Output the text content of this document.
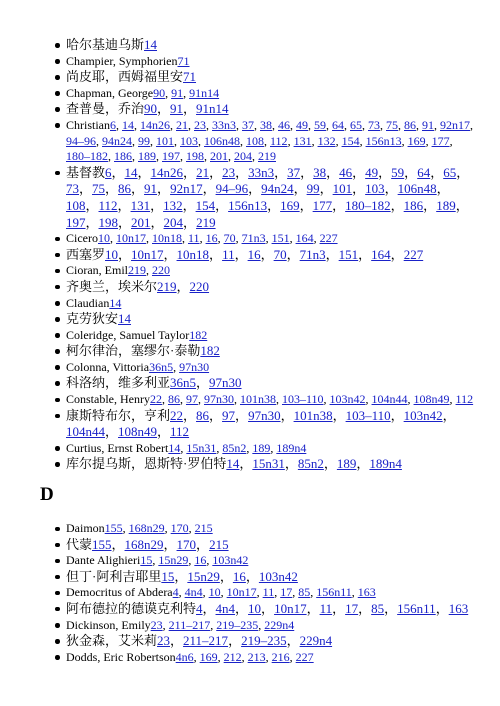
哈尔基迪乌斯14
Champier, Symphorien71
尚皮耶，西姆福里安71
Chapman, George90, 91, 91n14
查普曼，乔治90，91，91n14
Christian6, 14, 14n26, 21, 23, 33n3, 37, 38, 46, 49, 59, 64, 65, 73, 75, 86, 91, 92n17, 94–96, 94n24, 99, 101, 103, 106n48, 108, 112, 131, 132, 154, 156n13, 169, 177, 180–182, 186, 189, 197, 198, 201, 204, 219
基督教6，14，14n26，21，23，33n3，37，38，46，49，59，64，65，73，75，86，91，92n17，94–96，94n24，99，101，103，106n48，108，112，131，132，154，156n13，169，177，180–182，186，189，197，198，201，204，219
Cicero10, 10n17, 10n18, 11, 16, 70, 71n3, 151, 164, 227
西塞罗10，10n17，10n18，11，16，70，71n3，151，164，227
Cioran, Emil219, 220
齐奥兰，埃米尔219，220
Claudian14
克劳狄安14
Coleridge, Samuel Taylor182
柯尔律治，塞缪尔·泰勒182
Colonna, Vittoria36n5, 97n30
科洛纳，维多利亚36n5，97n30
Constable, Henry22, 86, 97, 97n30, 101n38, 103–110, 103n42, 104n44, 108n49, 112
康斯特布尔，亨利22，86，97，97n30，101n38，103–110，103n42，104n44，108n49，112
Curtius, Ernst Robert14, 15n31, 85n2, 189, 189n4
库尔提乌斯，恩斯特·罗伯特14，15n31，85n2，189，189n4
D
Daimon155, 168n29, 170, 215
代蒙155，168n29，170，215
Dante Alighieri15, 15n29, 16, 103n42
但丁·阿利吉耶里15，15n29，16，103n42
Democritus of Abdera4, 4n4, 10, 10n17, 11, 17, 85, 156n11, 163
阿布德拉的德谟克利特4，4n4，10，10n17，11，17，85，156n11，163
Dickinson, Emily23, 211–217, 219–235, 229n4
狄金森，艾米莉23，211–217，219–235，229n4
Dodds, Eric Robertson4n6, 169, 212, 213, 216, 227
